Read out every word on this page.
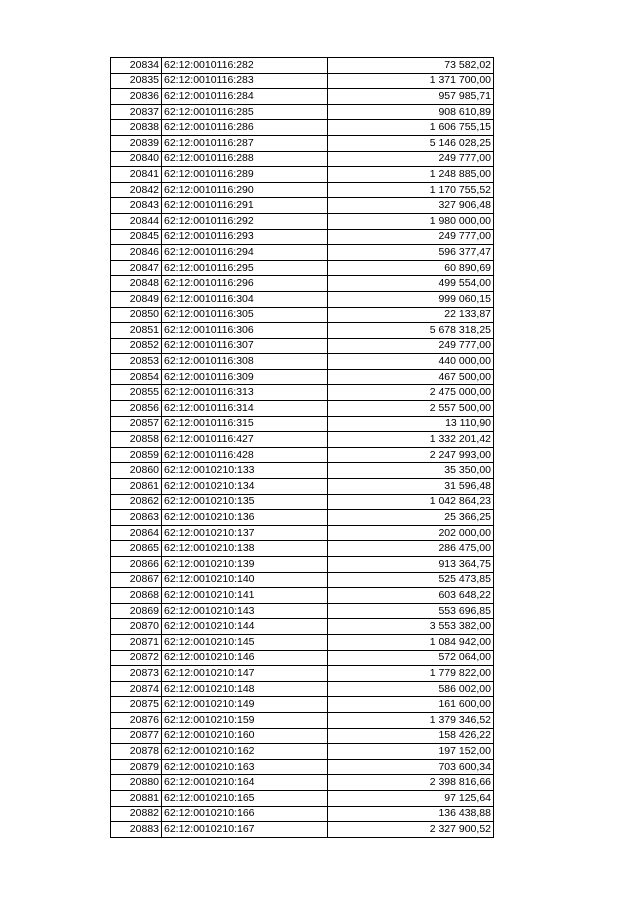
20834	62:12:0010116:282	73 582,02
20835	62:12:0010116:283	1 371 700,00
20836	62:12:0010116:284	957 985,71
20837	62:12:0010116:285	908 610,89
20838	62:12:0010116:286	1 606 755,15
20839	62:12:0010116:287	5 146 028,25
20840	62:12:0010116:288	249 777,00
20841	62:12:0010116:289	1 248 885,00
20842	62:12:0010116:290	1 170 755,52
20843	62:12:0010116:291	327 906,48
20844	62:12:0010116:292	1 980 000,00
20845	62:12:0010116:293	249 777,00
20846	62:12:0010116:294	596 377,47
20847	62:12:0010116:295	60 890,69
20848	62:12:0010116:296	499 554,00
20849	62:12:0010116:304	999 060,15
20850	62:12:0010116:305	22 133,87
20851	62:12:0010116:306	5 678 318,25
20852	62:12:0010116:307	249 777,00
20853	62:12:0010116:308	440 000,00
20854	62:12:0010116:309	467 500,00
20855	62:12:0010116:313	2 475 000,00
20856	62:12:0010116:314	2 557 500,00
20857	62:12:0010116:315	13 110,90
20858	62:12:0010116:427	1 332 201,42
20859	62:12:0010116:428	2 247 993,00
20860	62:12:0010210:133	35 350,00
20861	62:12:0010210:134	31 596,48
20862	62:12:0010210:135	1 042 864,23
20863	62:12:0010210:136	25 366,25
20864	62:12:0010210:137	202 000,00
20865	62:12:0010210:138	286 475,00
20866	62:12:0010210:139	913 364,75
20867	62:12:0010210:140	525 473,85
20868	62:12:0010210:141	603 648,22
20869	62:12:0010210:143	553 696,85
20870	62:12:0010210:144	3 553 382,00
20871	62:12:0010210:145	1 084 942,00
20872	62:12:0010210:146	572 064,00
20873	62:12:0010210:147	1 779 822,00
20874	62:12:0010210:148	586 002,00
20875	62:12:0010210:149	161 600,00
20876	62:12:0010210:159	1 379 346,52
20877	62:12:0010210:160	158 426,22
20878	62:12:0010210:162	197 152,00
20879	62:12:0010210:163	703 600,34
20880	62:12:0010210:164	2 398 816,66
20881	62:12:0010210:165	97 125,64
20882	62:12:0010210:166	136 438,88
20883	62:12:0010210:167	2 327 900,52
